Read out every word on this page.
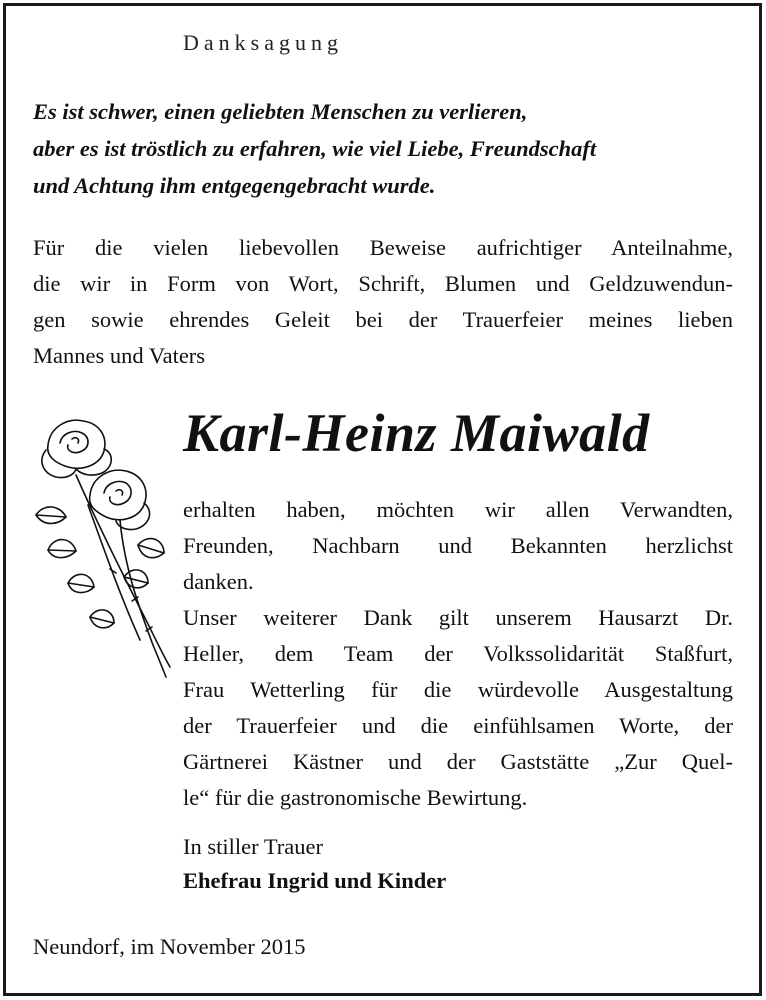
Danksagung
Es ist schwer, einen geliebten Menschen zu verlieren,
aber es ist tröstlich zu erfahren, wie viel Liebe, Freundschaft
und Achtung ihm entgegengebracht wurde.
Für die vielen liebevollen Beweise aufrichtiger Anteilnahme,
die wir in Form von Wort, Schrift, Blumen und Geldzuwendun-
gen sowie ehrendes Geleit bei der Trauerfeier meines lieben
Mannes und Vaters
Karl-Heinz Maiwald
erhalten haben, möchten wir allen Verwandten,
Freunden, Nachbarn und Bekannten herzlichst
danken.
Unser weiterer Dank gilt unserem Hausarzt Dr.
Heller, dem Team der Volkssolidarität Staßfurt,
Frau Wetterling für die würdevolle Ausgestaltung
der Trauerfeier und die einfühlsamen Worte, der
Gärtnerei Kästner und der Gaststätte „Zur Quel-
le“ für die gastronomische Bewirtung.
In stiller Trauer
Ehefrau Ingrid und Kinder
Neundorf, im November 2015
